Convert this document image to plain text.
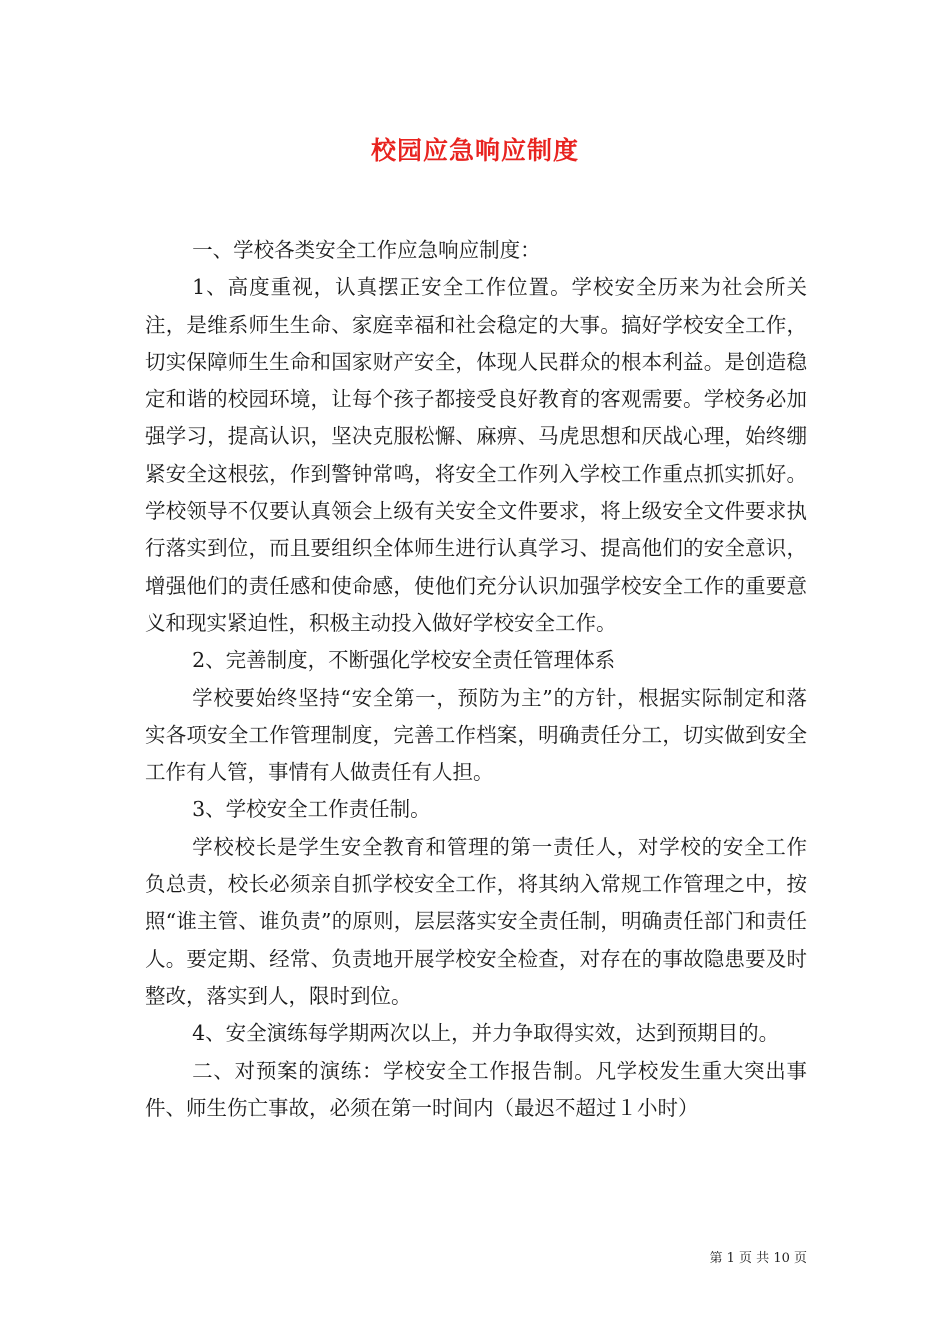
校园应急响应制度

一、学校各类安全工作应急响应制度：

1、高度重视，认真摆正安全工作位置。学校安全历来为社会所关注，是维系师生生命、家庭幸福和社会稳定的大事。搞好学校安全工作，切实保障师生生命和国家财产安全，体现人民群众的根本利益。是创造稳定和谐的校园环境，让每个孩子都接受良好教育的客观需要。学校务必加强学习，提高认识，坚决克服松懈、麻痹、马虎思想和厌战心理，始终绷紧安全这根弦，作到警钟常鸣，将安全工作列入学校工作重点抓实抓好。学校领导不仅要认真领会上级有关安全文件要求，将上级安全文件要求执行落实到位，而且要组织全体师生进行认真学习、提高他们的安全意识，增强他们的责任感和使命感，使他们充分认识加强学校安全工作的重要意义和现实紧迫性，积极主动投入做好学校安全工作。

2、完善制度，不断强化学校安全责任管理体系

学校要始终坚持“安全第一，预防为主”的方针，根据实际制定和落实各项安全工作管理制度，完善工作档案，明确责任分工，切实做到安全工作有人管，事情有人做责任有人担。

3、学校安全工作责任制。

学校校长是学生安全教育和管理的第一责任人，对学校的安全工作负总责，校长必须亲自抓学校安全工作，将其纳入常规工作管理之中，按照“谁主管、谁负责”的原则，层层落实安全责任制，明确责任部门和责任人。要定期、经常、负责地开展学校安全检查，对存在的事故隐患要及时整改，落实到人，限时到位。

4、安全演练每学期两次以上，并力争取得实效，达到预期目的。

二、对预案的演练：学校安全工作报告制。凡学校发生重大突出事件、师生伤亡事故，必须在第一时间内（最迟不超过１小时）

第 1 页 共 10 页
